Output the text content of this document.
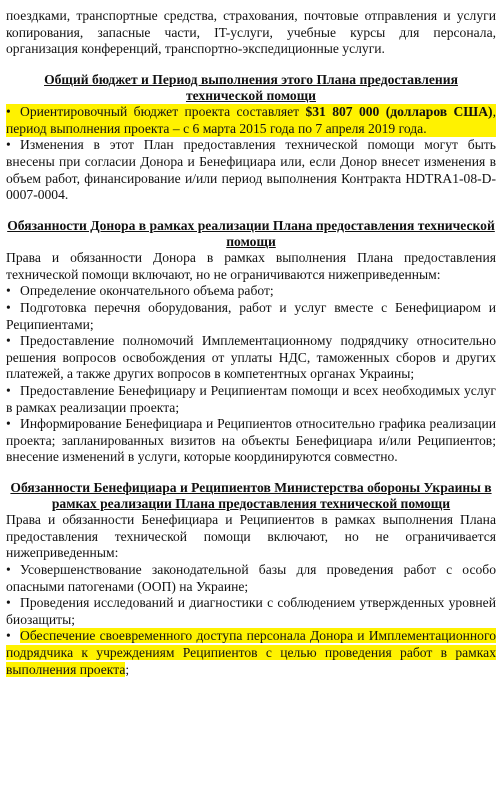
поездками, транспортные средства, страхования, почтовые отправления и услуги копирования, запасные части, IT-услуги, учебные курсы для персонала, организация конференций, транспортно-экспедиционные услуги.

Общий бюджет и Период выполнения этого Плана предоставления технической помощи

• Ориентировочный бюджет проекта составляет $31 807 000 (долларов США), период выполнения проекта – с 6 марта 2015 года по 7 апреля 2019 года.

• Изменения в этот План предоставления технической помощи могут быть внесены при согласии Донора и Бенефициара или, если Донор внесет изменения в объем работ, финансирование и/или период выполнения Контракта HDTRA1-08-D-0007-0004.

Обязанности Донора в рамках реализации Плана предоставления технической помощи

Права и обязанности Донора в рамках выполнения Плана предоставления технической помощи включают, но не ограничиваются нижеприведенным:

• Определение окончательного объема работ;

• Подготовка перечня оборудования, работ и услуг вместе с Бенефициаром и Реципиентами;

• Предоставление полномочий Имплементационному подрядчику относительно решения вопросов освобождения от уплаты НДС, таможенных сборов и других платежей, а также других вопросов в компетентных органах Украины;

• Предоставление Бенефициару и Реципиентам помощи и всех необходимых услуг в рамках реализации проекта;

• Информирование Бенефициара и Реципиентов относительно графика реализации проекта; запланированных визитов на объекты Бенефициара и/или Реципиентов; внесение изменений в услуги, которые координируются совместно.

Обязанности Бенефициара и Реципиентов Министерства обороны Украины в рамках реализации Плана предоставления технической помощи

Права и обязанности Бенефициара и Реципиентов в рамках выполнения Плана предоставления технической помощи включают, но не ограничивается нижеприведенным:

• Усовершенствование законодательной базы для проведения работ с особо опасными патогенами (ООП) на Украине;

• Проведения исследований и диагностики с соблюдением утвержденных уровней биозащиты;

• Обеспечение своевременного доступа персонала Донора и Имплементационного подрядчика к учреждениям Реципиентов с целью проведения работ в рамках выполнения проекта;
